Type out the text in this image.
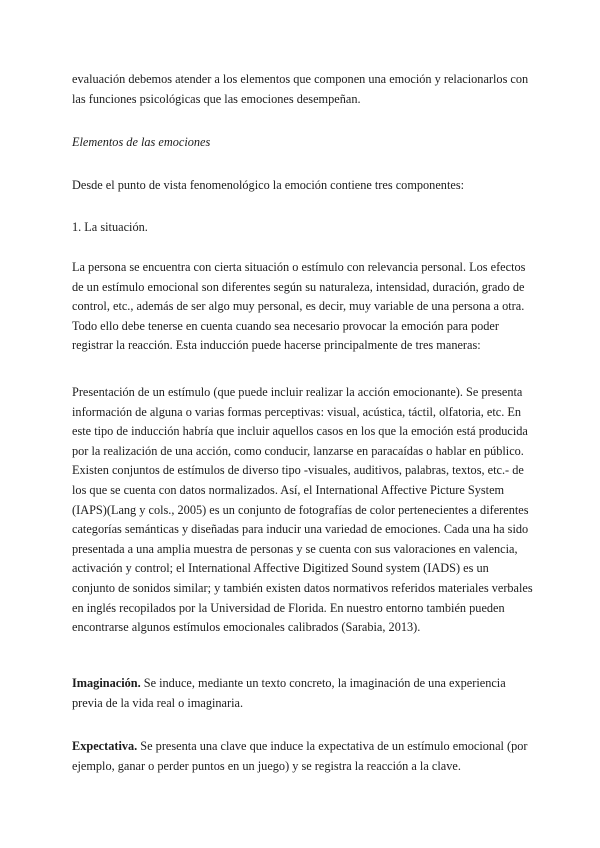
evaluación debemos atender a los elementos que componen una emoción y relacionarlos con
las funciones psicológicas que las emociones desempeñan.
Elementos de las emociones
Desde el punto de vista fenomenológico la emoción contiene tres componentes:
1. La situación.
La persona se encuentra con cierta situación o estímulo con relevancia personal. Los efectos
de un estímulo emocional son diferentes según su naturaleza, intensidad, duración, grado de
control, etc., además de ser algo muy personal, es decir, muy variable de una persona a otra.
Todo ello debe tenerse en cuenta cuando sea necesario provocar la emoción para poder
registrar la reacción. Esta inducción puede hacerse principalmente de tres maneras:
Presentación de un estímulo (que puede incluir realizar la acción emocionante). Se presenta
información de alguna o varias formas perceptivas: visual, acústica, táctil, olfatoria, etc. En
este tipo de inducción habría que incluir aquellos casos en los que la emoción está producida
por la realización de una acción, como conducir, lanzarse en paracaídas o hablar en público.
Existen conjuntos de estímulos de diverso tipo -visuales, auditivos, palabras, textos, etc.- de
los que se cuenta con datos normalizados. Así, el International Affective Picture System
(IAPS)(Lang y cols., 2005) es un conjunto de fotografías de color pertenecientes a diferentes
categorías semánticas y diseñadas para inducir una variedad de emociones. Cada una ha sido
presentada a una amplia muestra de personas y se cuenta con sus valoraciones en valencia,
activación y control; el International Affective Digitized Sound system (IADS) es un
conjunto de sonidos similar; y también existen datos normativos referidos materiales verbales
en inglés recopilados por la Universidad de Florida. En nuestro entorno también pueden
encontrarse algunos estímulos emocionales calibrados (Sarabia, 2013).
Imaginación. Se induce, mediante un texto concreto, la imaginación de una experiencia
previa de la vida real o imaginaria.
Expectativa. Se presenta una clave que induce la expectativa de un estímulo emocional (por
ejemplo, ganar o perder puntos en un juego) y se registra la reacción a la clave.
